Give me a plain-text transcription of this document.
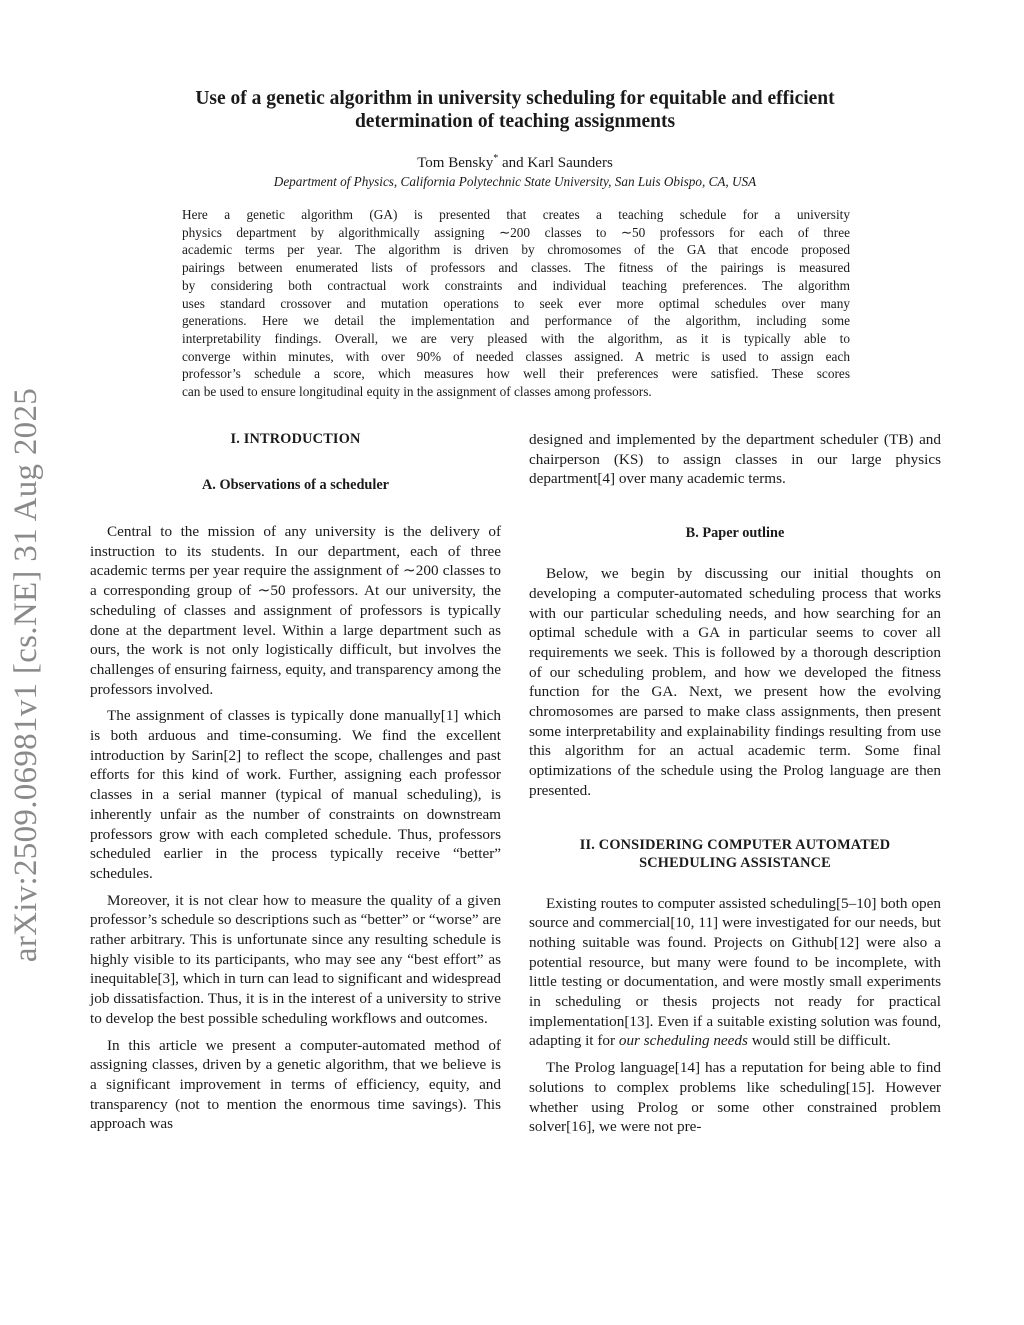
arXiv:2509.06981v1 [cs.NE] 31 Aug 2025
Use of a genetic algorithm in university scheduling for equitable and efficient
determination of teaching assignments
Tom Bensky* and Karl Saunders
Department of Physics, California Polytechnic State University, San Luis Obispo, CA, USA
Here a genetic algorithm (GA) is presented that creates a teaching schedule for a university
physics department by algorithmically assigning ∼200 classes to ∼50 professors for each of three
academic terms per year. The algorithm is driven by chromosomes of the GA that encode proposed
pairings between enumerated lists of professors and classes. The fitness of the pairings is measured
by considering both contractual work constraints and individual teaching preferences. The algorithm
uses standard crossover and mutation operations to seek ever more optimal schedules over many
generations. Here we detail the implementation and performance of the algorithm, including some
interpretability findings. Overall, we are very pleased with the algorithm, as it is typically able to
converge within minutes, with over 90% of needed classes assigned. A metric is used to assign each
professor’s schedule a score, which measures how well their preferences were satisfied. These scores
can be used to ensure longitudinal equity in the assignment of classes among professors.
I. INTRODUCTION
A. Observations of a scheduler

Central to the mission of any university is the delivery of instruction to its students. In our department, each of three academic terms per year require the assignment of ∼200 classes to a corresponding group of ∼50 professors. At our university, the scheduling of classes and assignment of professors is typically done at the department level. Within a large department such as ours, the work is not only logistically difficult, but involves the challenges of ensuring fairness, equity, and transparency among the professors involved.

The assignment of classes is typically done manually[1] which is both arduous and time-consuming. We find the excellent introduction by Sarin[2] to reflect the scope, challenges and past efforts for this kind of work. Further, assigning each professor classes in a serial manner (typical of manual scheduling), is inherently unfair as the number of constraints on downstream professors grow with each completed schedule. Thus, professors scheduled earlier in the process typically receive “better” schedules.

Moreover, it is not clear how to measure the quality of a given professor’s schedule so descriptions such as “better” or “worse” are rather arbitrary. This is unfortunate since any resulting schedule is highly visible to its participants, who may see any “best effort” as inequitable[3], which in turn can lead to significant and widespread job dissatisfaction. Thus, it is in the interest of a university to strive to develop the best possible scheduling workflows and outcomes.

In this article we present a computer-automated method of assigning classes, driven by a genetic algorithm, that we believe is a significant improvement in terms of efficiency, equity, and transparency (not to mention the enormous time savings). This approach was

designed and implemented by the department scheduler (TB) and chairperson (KS) to assign classes in our large physics department[4] over many academic terms.

B. Paper outline

Below, we begin by discussing our initial thoughts on developing a computer-automated scheduling process that works with our particular scheduling needs, and how searching for an optimal schedule with a GA in particular seems to cover all requirements we seek. This is followed by a thorough description of our scheduling problem, and how we developed the fitness function for the GA. Next, we present how the evolving chromosomes are parsed to make class assignments, then present some interpretability and explainability findings resulting from use this algorithm for an actual academic term. Some final optimizations of the schedule using the Prolog language are then presented.

II. CONSIDERING COMPUTER AUTOMATED
SCHEDULING ASSISTANCE

Existing routes to computer assisted scheduling[5–10] both open source and commercial[10, 11] were investigated for our needs, but nothing suitable was found. Projects on Github[12] were also a potential resource, but many were found to be incomplete, with little testing or documentation, and were mostly small experiments in scheduling or thesis projects not ready for practical implementation[13]. Even if a suitable existing solution was found, adapting it for our scheduling needs would still be difficult.

The Prolog language[14] has a reputation for being able to find solutions to complex problems like scheduling[15]. However whether using Prolog or some other constrained problem solver[16], we were not pre-
